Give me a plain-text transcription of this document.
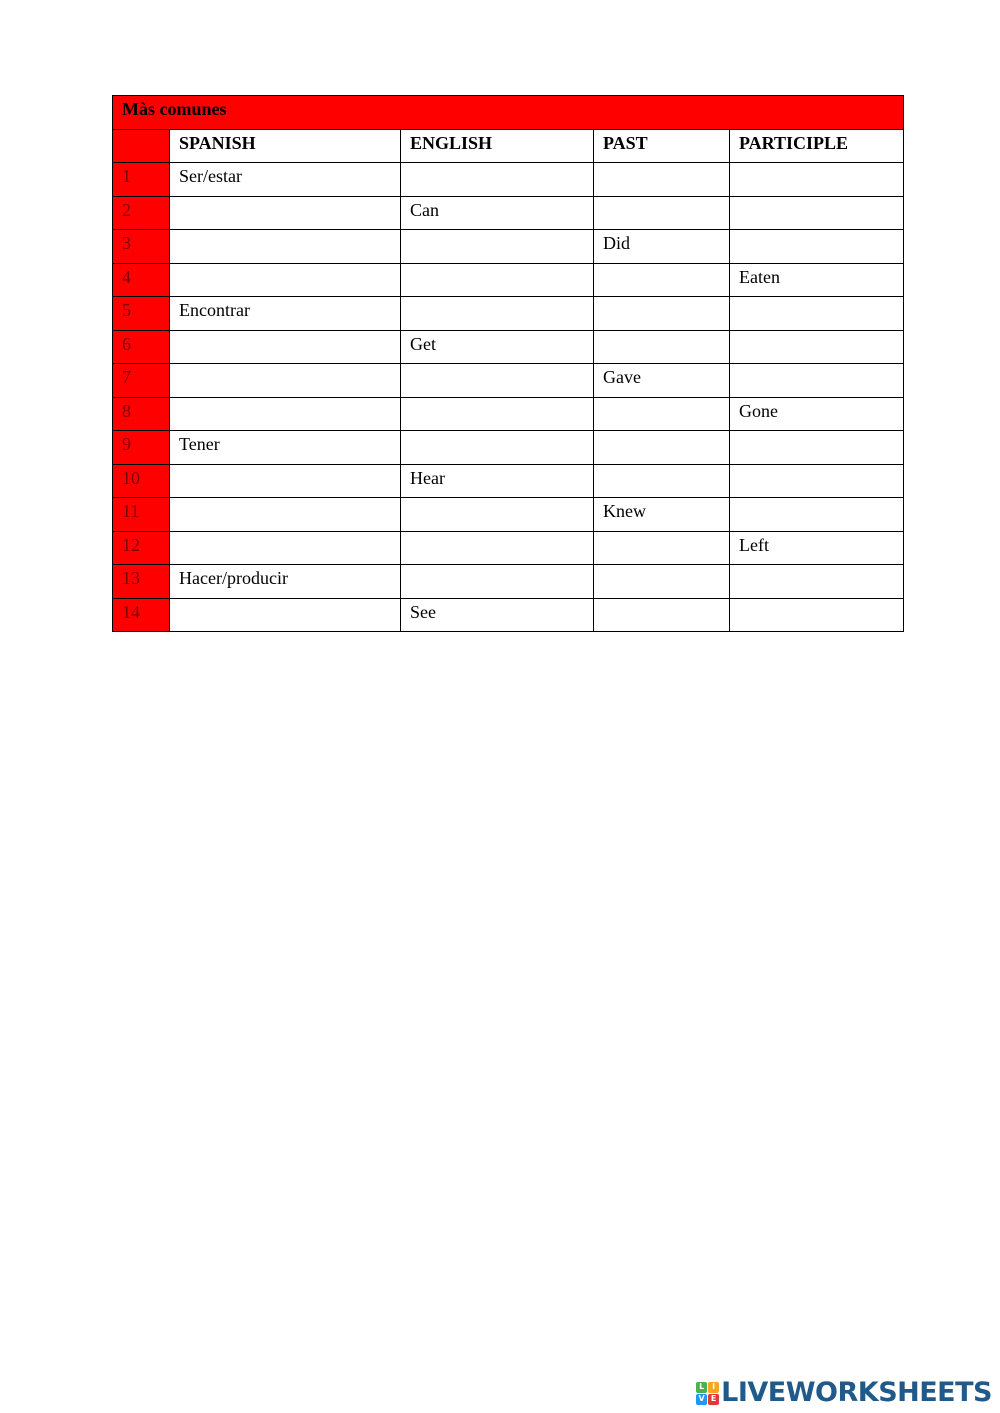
Màs comunes				
	SPANISH	ENGLISH	PAST	PARTICIPLE
1	Ser/estar			
2		Can		
3			Did	
4				Eaten
5	Encontrar			
6		Get		
7			Gave	
8				Gone
9	Tener			
10		Hear		
11			Knew	
12				Left
13	Hacer/producir			
14		See		
L I
V E LIVEWORKSHEETS
